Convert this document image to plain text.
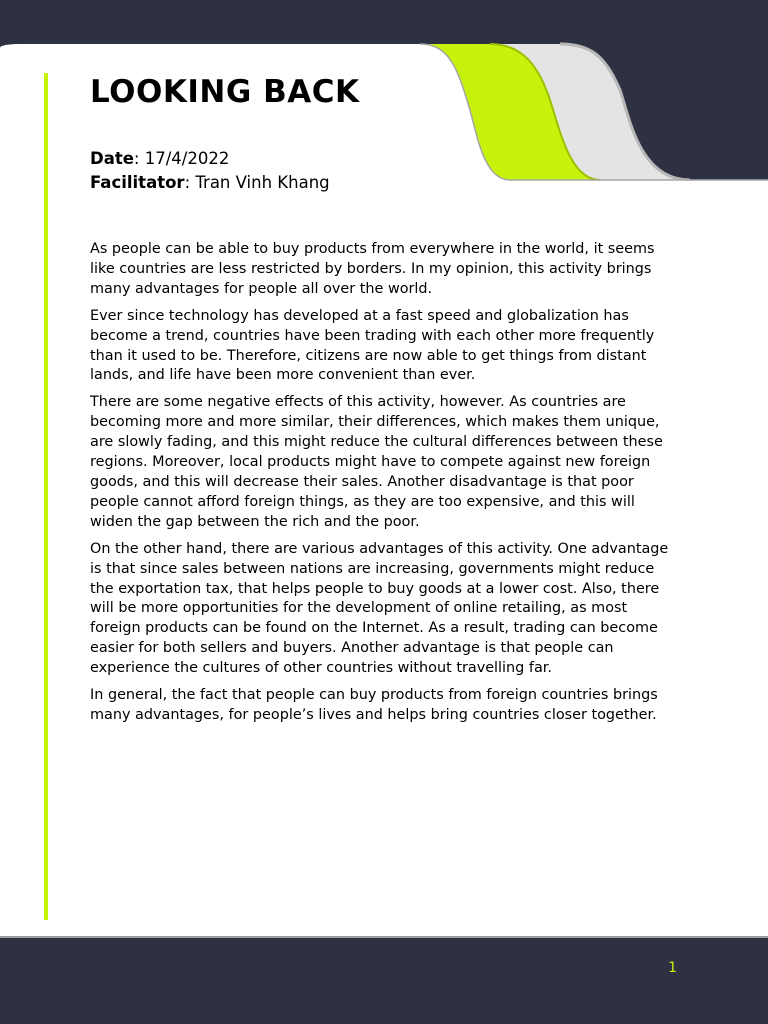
LOOKING BACK
Date: 17/4/2022
Facilitator: Tran Vinh Khang

As people can be able to buy products from everywhere in the world, it seems like countries are less restricted by borders. In my opinion, this activity brings many advantages for people all over the world.

Ever since technology has developed at a fast speed and globalization has become a trend, countries have been trading with each other more frequently than it used to be. Therefore, citizens are now able to get things from distant lands, and life have been more convenient than ever.

There are some negative effects of this activity, however. As countries are becoming more and more similar, their differences, which makes them unique, are slowly fading, and this might reduce the cultural differences between these regions. Moreover, local products might have to compete against new foreign goods, and this will decrease their sales. Another disadvantage is that poor people cannot afford foreign things, as they are too expensive, and this will widen the gap between the rich and the poor.

On the other hand, there are various advantages of this activity. One advantage is that since sales between nations are increasing, governments might reduce the exportation tax, that helps people to buy goods at a lower cost. Also, there will be more opportunities for the development of online retailing, as most foreign products can be found on the Internet. As a result, trading can become easier for both sellers and buyers. Another advantage is that people can experience the cultures of other countries without travelling far.

In general, the fact that people can buy products from foreign countries brings many advantages, for people’s lives and helps bring countries closer together.

1
